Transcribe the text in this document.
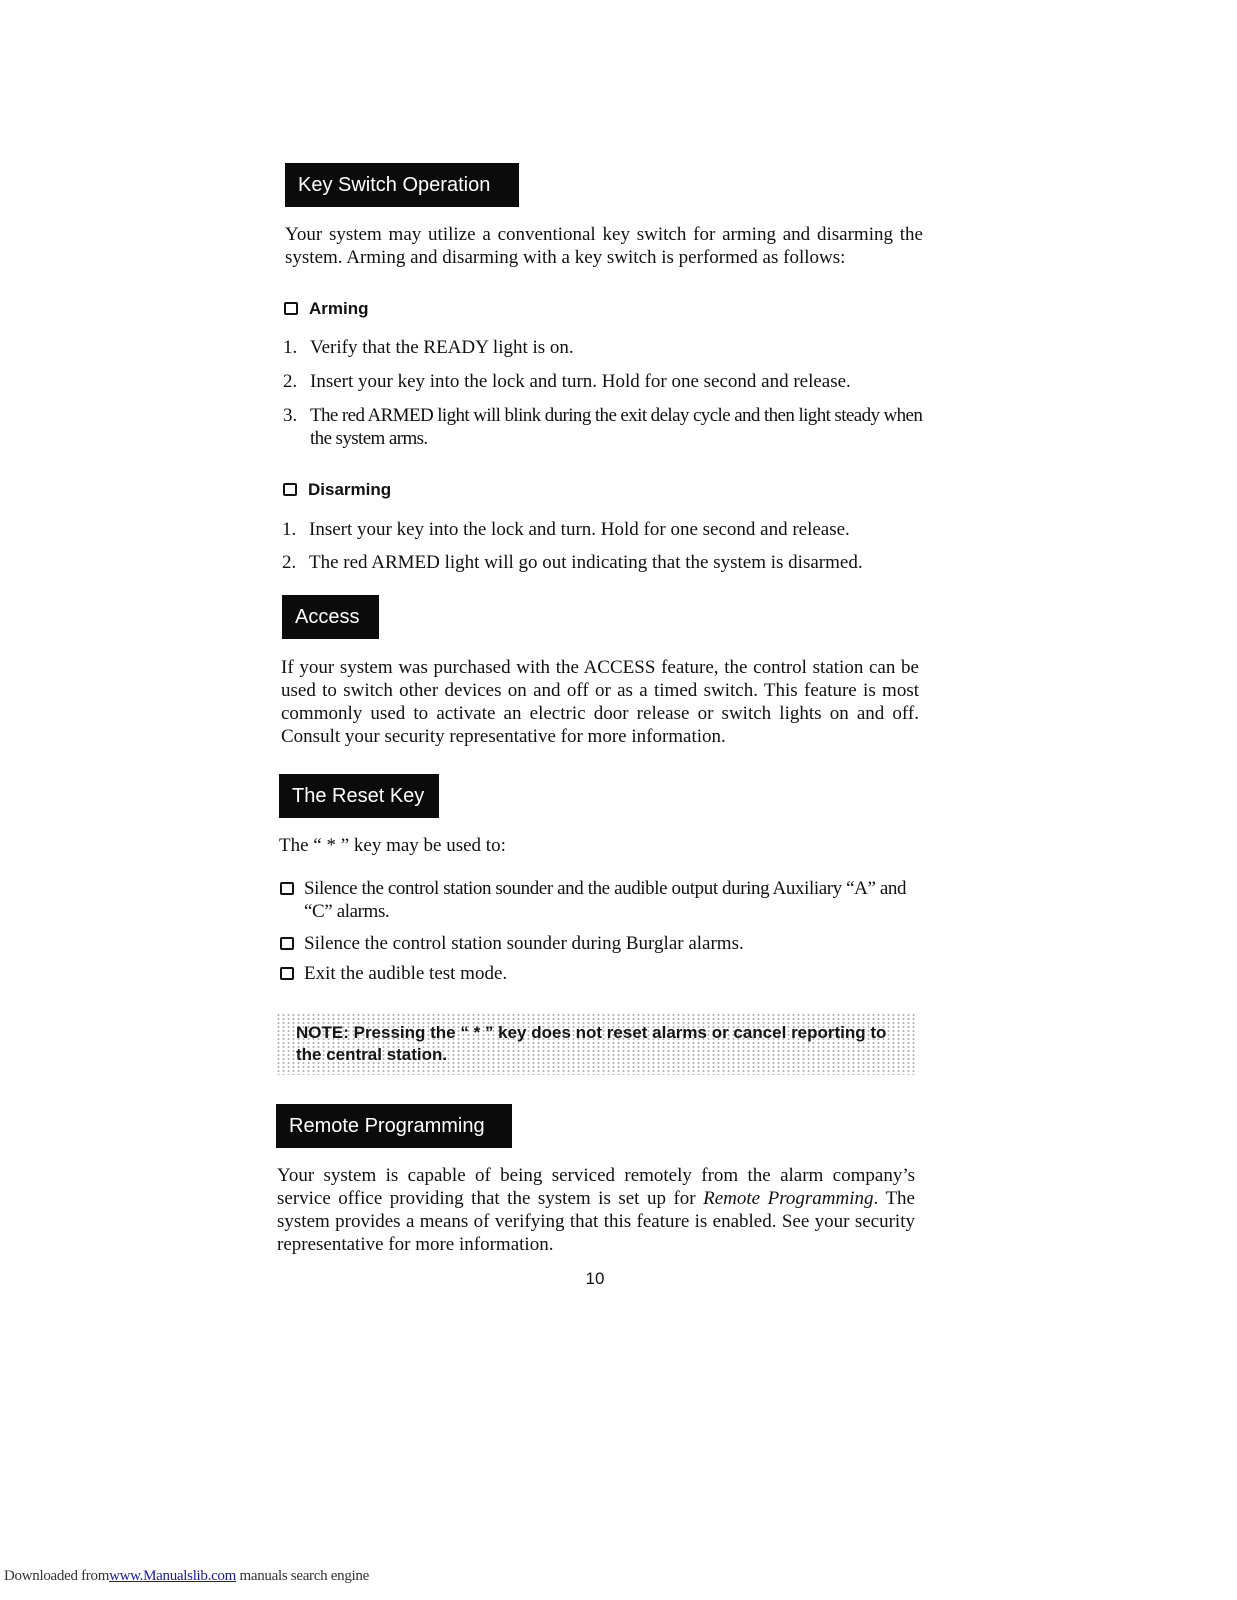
Key Switch Operation

Your system may utilize a conventional key switch for arming and disarming the system. Arming and disarming with a key switch is performed as follows:

Arming
1. Verify that the READY light is on.
2. Insert your key into the lock and turn. Hold for one second and release.
3. The red ARMED light will blink during the exit delay cycle and then light steady when the system arms.
Disarming
1. Insert your key into the lock and turn. Hold for one second and release.
2. The red ARMED light will go out indicating that the system is disarmed.
Access

If your system was purchased with the ACCESS feature, the control station can be used to switch other devices on and off or as a timed switch. This feature is most commonly used to activate an electric door release or switch lights on and off. Consult your security representative for more information.

The Reset Key

The “ * ” key may be used to:

Silence the control station sounder and the audible output during Auxiliary “A” and “C” alarms.
Silence the control station sounder during Burglar alarms.
Exit the audible test mode.
NOTE: Pressing the “ * ” key does not reset alarms or cancel reporting to the central station.
Remote Programming

Your system is capable of being serviced remotely from the alarm company’s service office providing that the system is set up for Remote Programming. The system provides a means of verifying that this feature is enabled. See your security representative for more information.

10
Downloaded fromwww.Manualslib.com manuals search engine
